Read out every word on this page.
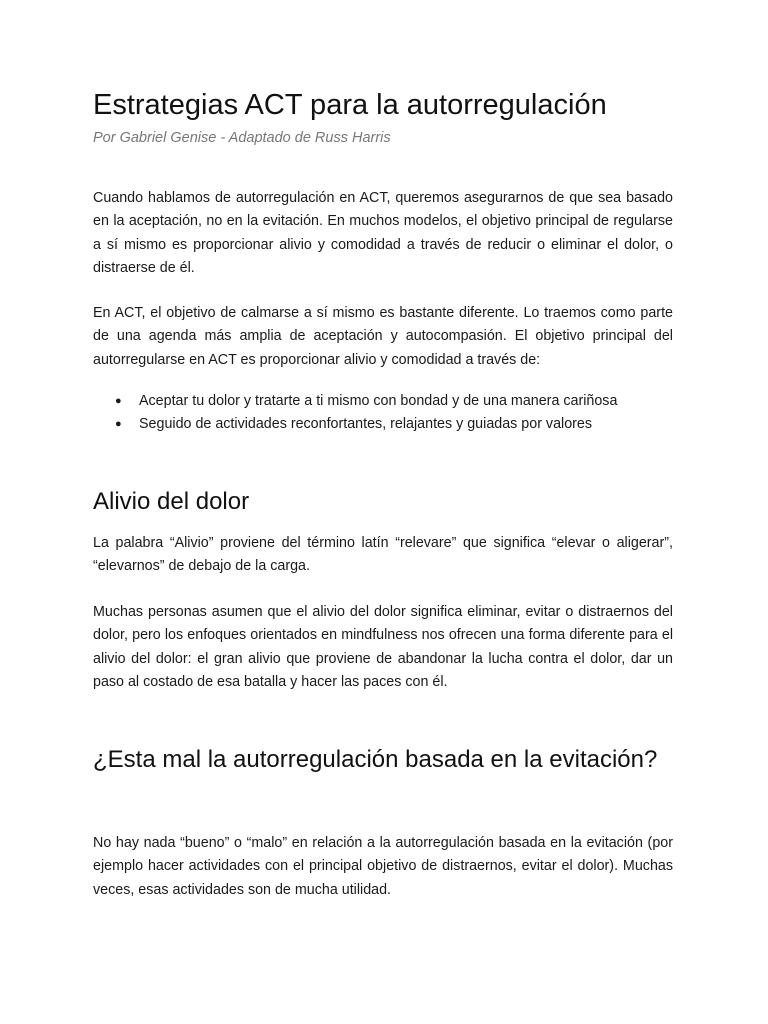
Estrategias ACT para la autorregulación

Por Gabriel Genise - Adaptado de Russ Harris

Cuando hablamos de autorregulación en ACT, queremos asegurarnos de que sea basado en la aceptación, no en la evitación. En muchos modelos, el objetivo principal de regularse a sí mismo es proporcionar alivio y comodidad a través de reducir o eliminar el dolor, o distraerse de él.

En ACT, el objetivo de calmarse a sí mismo es bastante diferente. Lo traemos como parte de una agenda más amplia de aceptación y autocompasión. El objetivo principal del autorregularse en ACT es proporcionar alivio y comodidad a través de:

● Aceptar tu dolor y tratarte a ti mismo con bondad y de una manera cariñosa
● Seguido de actividades reconfortantes, relajantes y guiadas por valores
Alivio del dolor

La palabra “Alivio” proviene del término latín “relevare” que significa “elevar o aligerar”, “elevarnos” de debajo de la carga.

Muchas personas asumen que el alivio del dolor significa eliminar, evitar o distraernos del dolor, pero los enfoques orientados en mindfulness nos ofrecen una forma diferente para el alivio del dolor: el gran alivio que proviene de abandonar la lucha contra el dolor, dar un paso al costado de esa batalla y hacer las paces con él.

¿Esta mal la autorregulación basada en la evitación?

No hay nada “bueno” o “malo” en relación a la autorregulación basada en la evitación (por ejemplo hacer actividades con el principal objetivo de distraernos, evitar el dolor). Muchas veces, esas actividades son de mucha utilidad.
